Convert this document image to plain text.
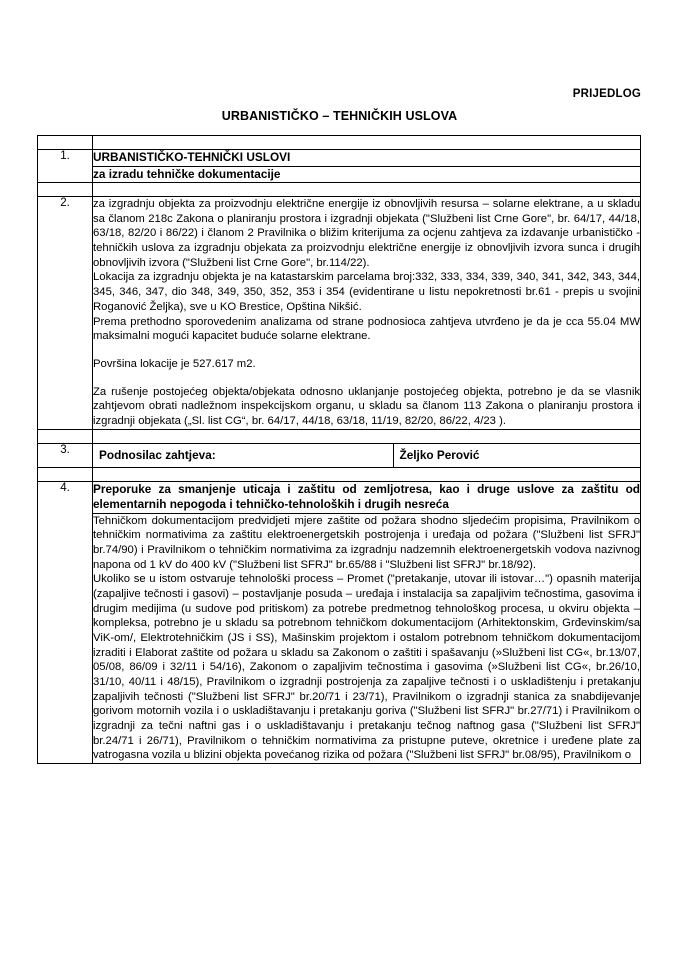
PRIJEDLOG
URBANISTIČKO – TEHNIČKIH USLOVA

1.	URBANISTIČKO-TEHNIČKI USLOVI

za izradu tehničke dokumentacije

2.	za izgradnju objekta za proizvodnju električne energije iz obnovljivih resursa – solarne elektrane, a u skladu sa članom 218c Zakona o planiranju prostora i izgradnji objekata ("Službeni list Crne Gore", br. 64/17, 44/18, 63/18, 82/20 i 86/22) i članom 2 Pravilnika o bližim kriterijuma za ocjenu zahtjeva za izdavanje urbanističko - tehničkih uslova za izgradnju objekata za proizvodnju električne energije iz obnovljivih izvora sunca i drugih obnovljivih izvora ("Službeni list Crne Gore", br.114/22).

Lokacija za izgradnju objekta je na katastarskim parcelama broj:332, 333, 334, 339, 340, 341, 342, 343, 344, 345, 346, 347, dio 348, 349, 350, 352, 353 i 354 (evidentirane u listu nepokretnosti br.61 - prepis u svojini Roganović Željka), sve u KO Brestice, Opština Nikšić.

Prema prethodno sporovedenim analizama od strane podnosioca zahtjeva utvrđeno je da je cca 55.04 MW maksimalni mogući kapacitet buduće solarne elektrane.

Površina lokacije je 527.617 m2.

Za rušenje postojećeg objekta/objekata odnosno uklanjanje postojećeg objekta, potrebno je da se vlasnik zahtjevom obrati nadležnom inspekcijskom organu, u skladu sa članom 113 Zakona o planiranju prostora i izgradnji objekata („Sl. list CG“, br. 64/17, 44/18, 63/18, 11/19, 82/20, 86/22, 4/23 ).

3.	Podnosilac zahtjeva:	Željko Perović

4.	Preporuke za smanjenje uticaja i zaštitu od zemljotresa, kao i druge uslove za zaštitu od elementarnih nepogoda i tehničko-tehnoloških i drugih nesreća

Tehničkom dokumentacijom predvidjeti mjere zaštite od požara shodno sljedećim propisima, Pravilnikom o tehničkim normativima za zaštitu elektroenergetskih postrojenja i uređaja od požara ("Službeni list SFRJ" br.74/90) i Pravilnikom o tehničkim normativima za izgradnju nadzemnih elektroenergetskih vodova nazivnog napona od 1 kV do 400 kV ("Službeni list SFRJ" br.65/88 i "Službeni list SFRJ" br.18/92).

Ukoliko se u istom ostvaruje tehnološki process – Promet ("pretakanje, utovar ili istovar…") opasnih materija (zapaljive tečnosti i gasovi) – postavljanje posuda – uređaja i instalacija sa zapaljivim tečnostima, gasovima i drugim medijima (u sudove pod pritiskom) za potrebe predmetnog tehnološkog procesa, u okviru objekta – kompleksa, potrebno je u skladu sa potrebnom tehničkom dokumentacijom (Arhitektonskim, Grđevinskim/sa ViK-om/, Elektrotehničkim (JS i SS), Mašinskim projektom i ostalom potrebnom tehničkom dokumentacijom izraditi i Elaborat zaštite od požara u skladu sa Zakonom o zaštiti i spašavanju (»Službeni list CG«, br.13/07, 05/08, 86/09 i 32/11 i 54/16), Zakonom o zapaljivim tečnostima i gasovima (»Službeni list CG«, br.26/10, 31/10, 40/11 i 48/15), Pravilnikom o izgradnji postrojenja za zapaljive tečnosti i o uskladištenju i pretakanju zapaljivih tečnosti ("Službeni list SFRJ" br.20/71 i 23/71), Pravilnikom o izgradnji stanica za snabdijevanje gorivom motornih vozila i o uskladištavanju i pretakanju goriva ("Službeni list SFRJ" br.27/71) i Pravilnikom o izgradnji za tečni naftni gas i o uskladištavanju i pretakanju tečnog naftnog gasa ("Službeni list SFRJ" br.24/71 i 26/71), Pravilnikom o tehničkim normativima za pristupne puteve, okretnice i uređene plate za vatrogasna vozila u blizini objekta povećanog rizika od požara ("Službeni list SFRJ" br.08/95), Pravilnikom o
